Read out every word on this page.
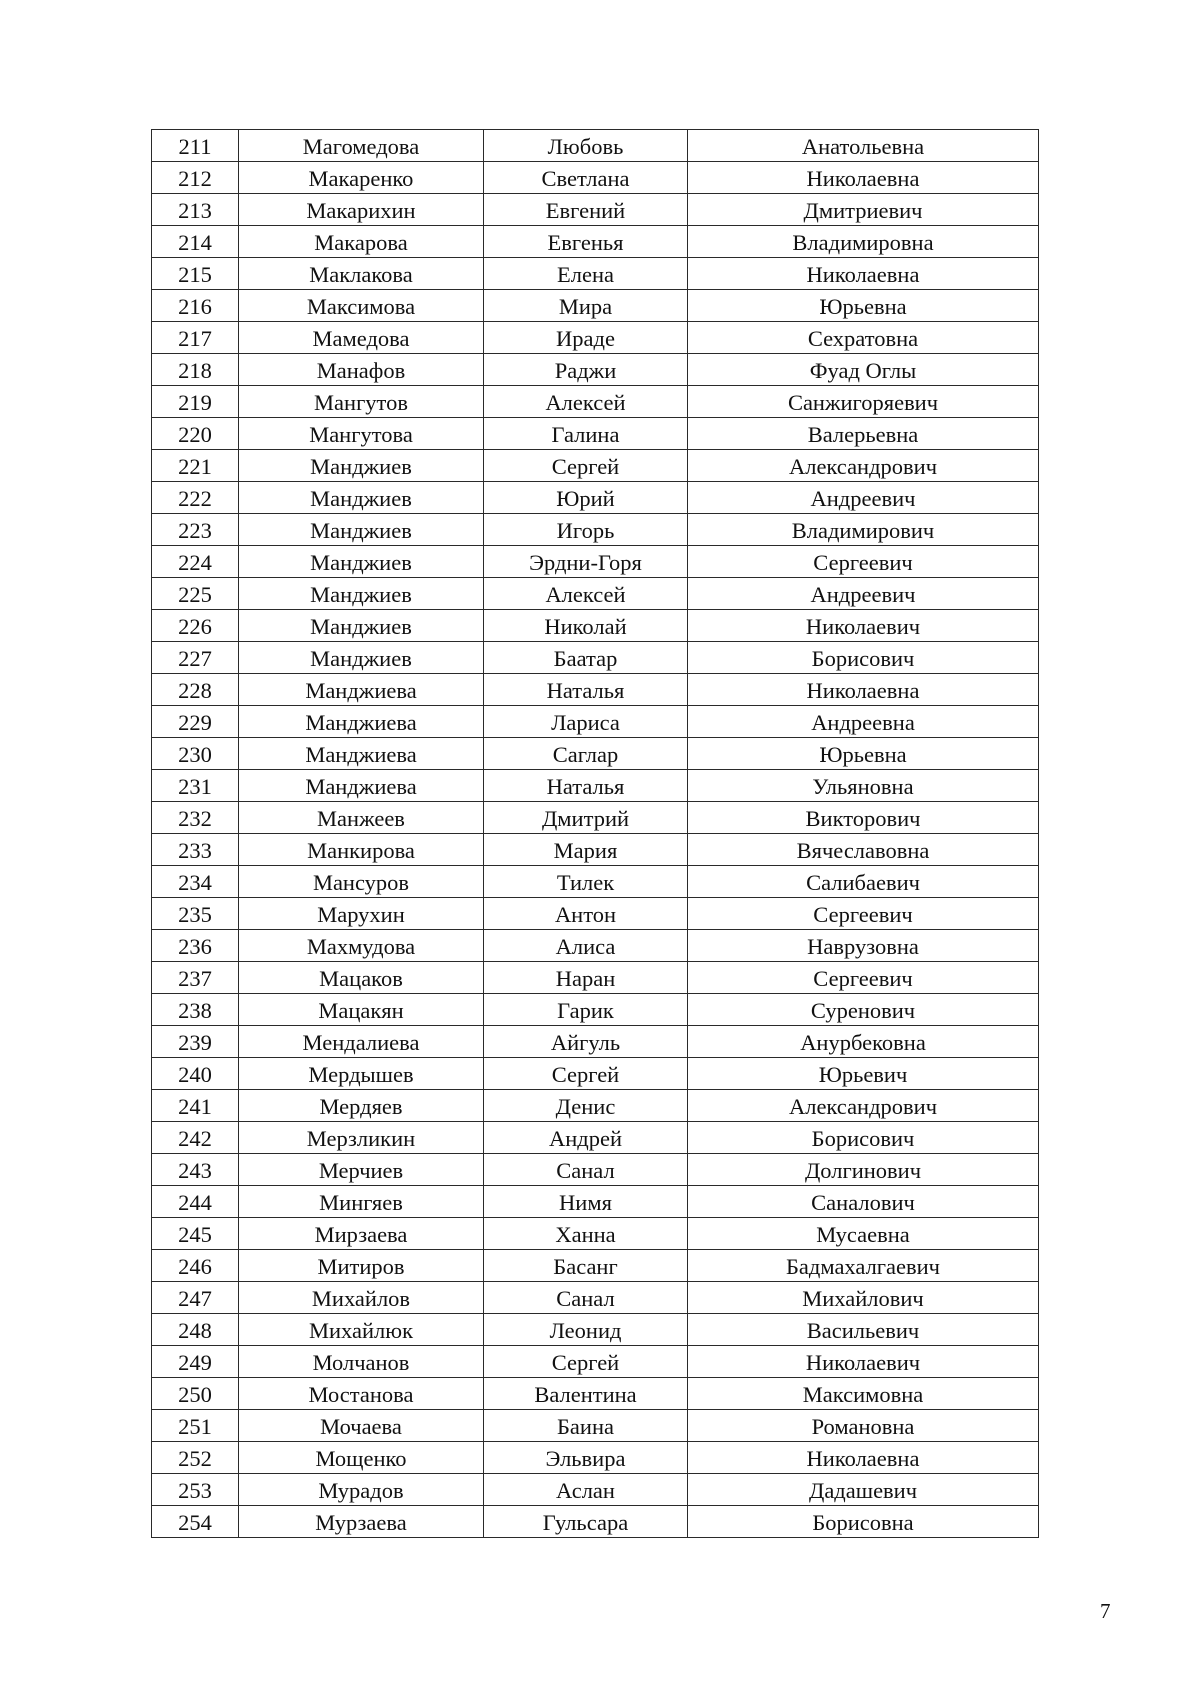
211	Магомедова	Любовь	Анатольевна
212	Макаренко	Светлана	Николаевна
213	Макарихин	Евгений	Дмитриевич
214	Макарова	Евгенья	Владимировна
215	Маклакова	Елена	Николаевна
216	Максимова	Мира	Юрьевна
217	Мамедова	Ираде	Сехратовна
218	Манафов	Раджи	Фуад Оглы
219	Мангутов	Алексей	Санжигоряевич
220	Мангутова	Галина	Валерьевна
221	Манджиев	Сергей	Александрович
222	Манджиев	Юрий	Андреевич
223	Манджиев	Игорь	Владимирович
224	Манджиев	Эрдни-Горя	Сергеевич
225	Манджиев	Алексей	Андреевич
226	Манджиев	Николай	Николаевич
227	Манджиев	Баатар	Борисович
228	Манджиева	Наталья	Николаевна
229	Манджиева	Лариса	Андреевна
230	Манджиева	Саглар	Юрьевна
231	Манджиева	Наталья	Ульяновна
232	Манжеев	Дмитрий	Викторович
233	Манкирова	Мария	Вячеславовна
234	Мансуров	Тилек	Салибаевич
235	Марухин	Антон	Сергеевич
236	Махмудова	Алиса	Наврузовна
237	Мацаков	Наран	Сергеевич
238	Мацакян	Гарик	Суренович
239	Мендалиева	Айгуль	Анурбековна
240	Мердышев	Сергей	Юрьевич
241	Мердяев	Денис	Александрович
242	Мерзликин	Андрей	Борисович
243	Мерчиев	Санал	Долгинович
244	Мингяев	Нимя	Саналович
245	Мирзаева	Ханна	Мусаевна
246	Митиров	Басанг	Бадмахалгаевич
247	Михайлов	Санал	Михайлович
248	Михайлюк	Леонид	Васильевич
249	Молчанов	Сергей	Николаевич
250	Мостанова	Валентина	Максимовна
251	Мочаева	Баина	Романовна
252	Мощенко	Эльвира	Николаевна
253	Мурадов	Аслан	Дадашевич
254	Мурзаева	Гульсара	Борисовна
7
